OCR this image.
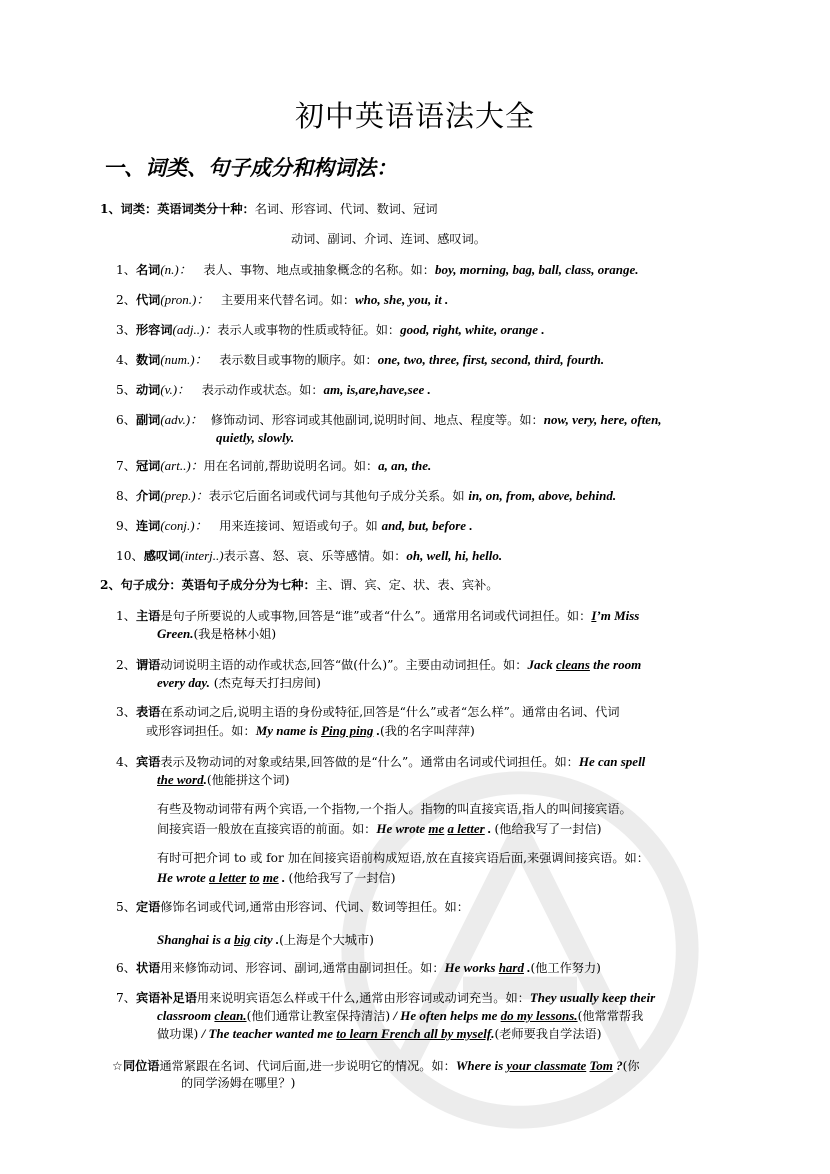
初中英语语法大全
一、词类、句子成分和构词法：
1、词类：英语词类分十种：名词、形容词、代词、数词、冠词
动词、副词、介词、连词、感叹词。
1、名词(n.)： 表人、事物、地点或抽象概念的名称。如：boy, morning, bag, ball, class, orange.
2、代词(pron.)： 主要用来代替名词。如：who, she, you, it .
3、形容词(adj..)：表示人或事物的性质或特征。如：good, right, white, orange .
4、数词(num.)： 表示数目或事物的顺序。如：one, two, three, first, second, third, fourth.
5、动词(v.)： 表示动作或状态。如：am, is,are,have,see .
6、副词(adv.)： 修饰动词、形容词或其他副词,说明时间、地点、程度等。如：now, very, here, often,
quietly, slowly.
7、冠词(art..)：用在名词前,帮助说明名词。如：a, an, the.
8、介词(prep.)：表示它后面名词或代词与其他句子成分关系。如 in, on, from, above, behind.
9、连词(conj.)： 用来连接词、短语或句子。如 and, but, before .
10、感叹词(interj..)表示喜、怒、哀、乐等感情。如：oh, well, hi, hello.
2、句子成分：英语句子成分分为七种：主、谓、宾、定、状、表、宾补。
1、主语是句子所要说的人或事物,回答是“谁”或者“什么”。通常用名词或代词担任。如：I’m Miss
Green.(我是格林小姐)
2、谓语动词说明主语的动作或状态,回答“做(什么)”。主要由动词担任。如：Jack cleans the room
every day. (杰克每天打扫房间)
3、表语在系动词之后,说明主语的身份或特征,回答是“什么”或者“怎么样”。通常由名词、代词
或形容词担任。如：My name is Ping ping .(我的名字叫萍萍)
4、宾语表示及物动词的对象或结果,回答做的是“什么”。通常由名词或代词担任。如：He can spell
the word.(他能拼这个词)
有些及物动词带有两个宾语,一个指物,一个指人。指物的叫直接宾语,指人的叫间接宾语。
间接宾语一般放在直接宾语的前面。如：He wrote me a letter . (他给我写了一封信)
有时可把介词 to 或 for 加在间接宾语前构成短语,放在直接宾语后面,来强调间接宾语。如：
He wrote a letter to me . (他给我写了一封信)
5、定语修饰名词或代词,通常由形容词、代词、数词等担任。如：
Shanghai is a big city .(上海是个大城市)
6、状语用来修饰动词、形容词、副词,通常由副词担任。如：He works hard .(他工作努力)
7、宾语补足语用来说明宾语怎么样或干什么,通常由形容词或动词充当。如：They usually keep their
classroom clean.(他们通常让教室保持清洁) / He often helps me do my lessons.(他常常帮我
做功课) / The teacher wanted me to learn French all by myself.(老师要我自学法语)
☆同位语通常紧跟在名词、代词后面,进一步说明它的情况。如：Where is your classmate Tom ?(你
的同学汤姆在哪里？)
